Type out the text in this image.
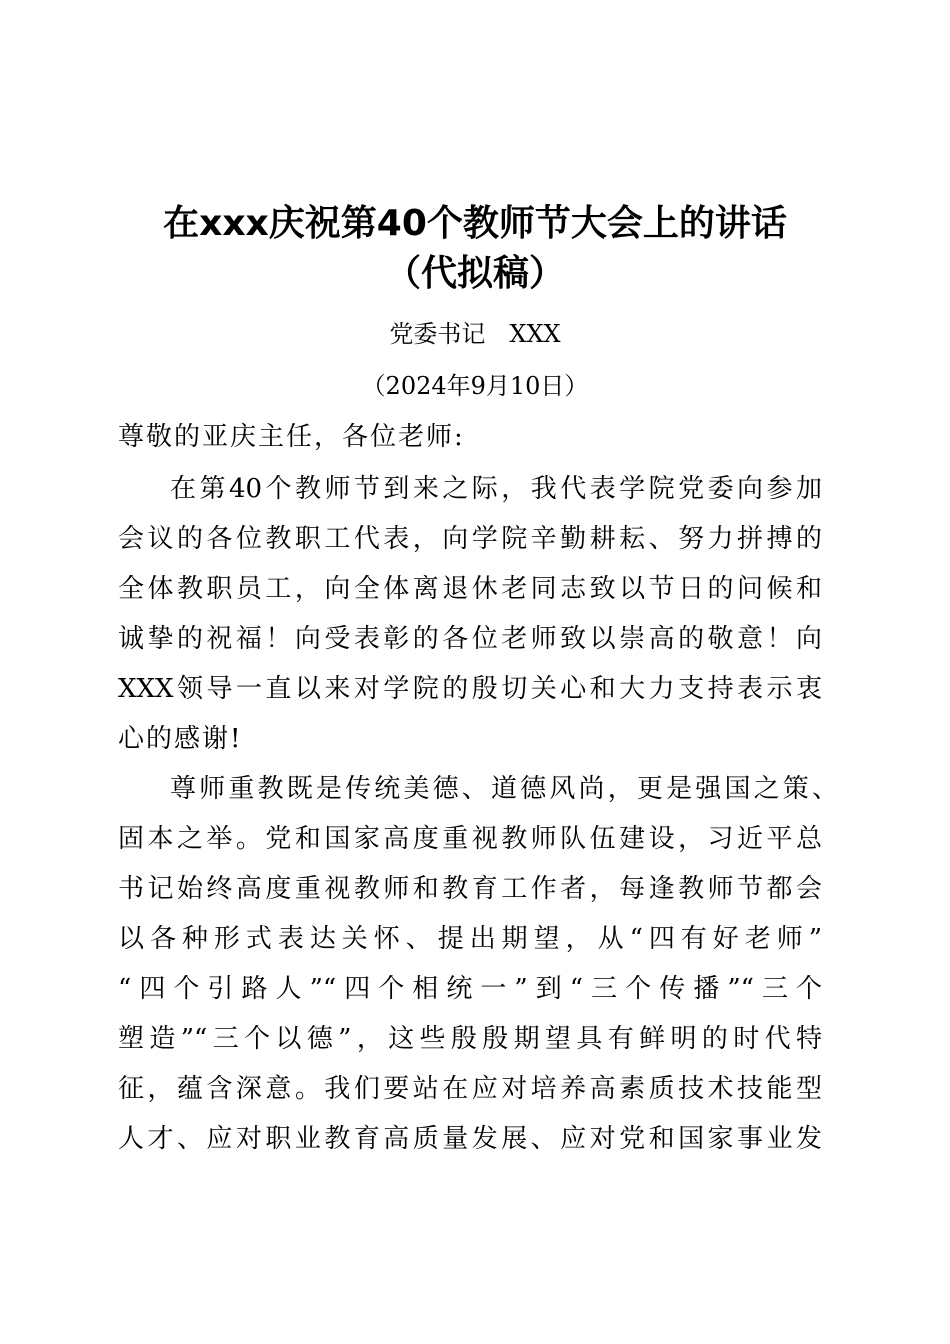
在xxx庆祝第40个教师节大会上的讲话
（代拟稿）
党委书记　XXX
（2024年9月10日）
尊敬的亚庆主任，各位老师:
在第40个教师节到来之际，我代表学院党委向参加
会议的各位教职工代表，向学院辛勤耕耘、努力拼搏的
全体教职员工，向全体离退休老同志致以节日的问候和
诚挚的祝福！向受表彰的各位老师致以崇高的敬意！向
XXX领导一直以来对学院的殷切关心和大力支持表示衷
心的感谢!
尊师重教既是传统美德、道德风尚，更是强国之策、
固本之举。党和国家高度重视教师队伍建设，习近平总
书记始终高度重视教师和教育工作者，每逢教师节都会
以各种形式表达关怀、提出期望，从“四有好老师”
“四个引路人”“四个相统一”到“三个传播”“三个
塑造”“三个以德”，这些殷殷期望具有鲜明的时代特
征，蕴含深意。我们要站在应对培养高素质技术技能型
人才、应对职业教育高质量发展、应对党和国家事业发
